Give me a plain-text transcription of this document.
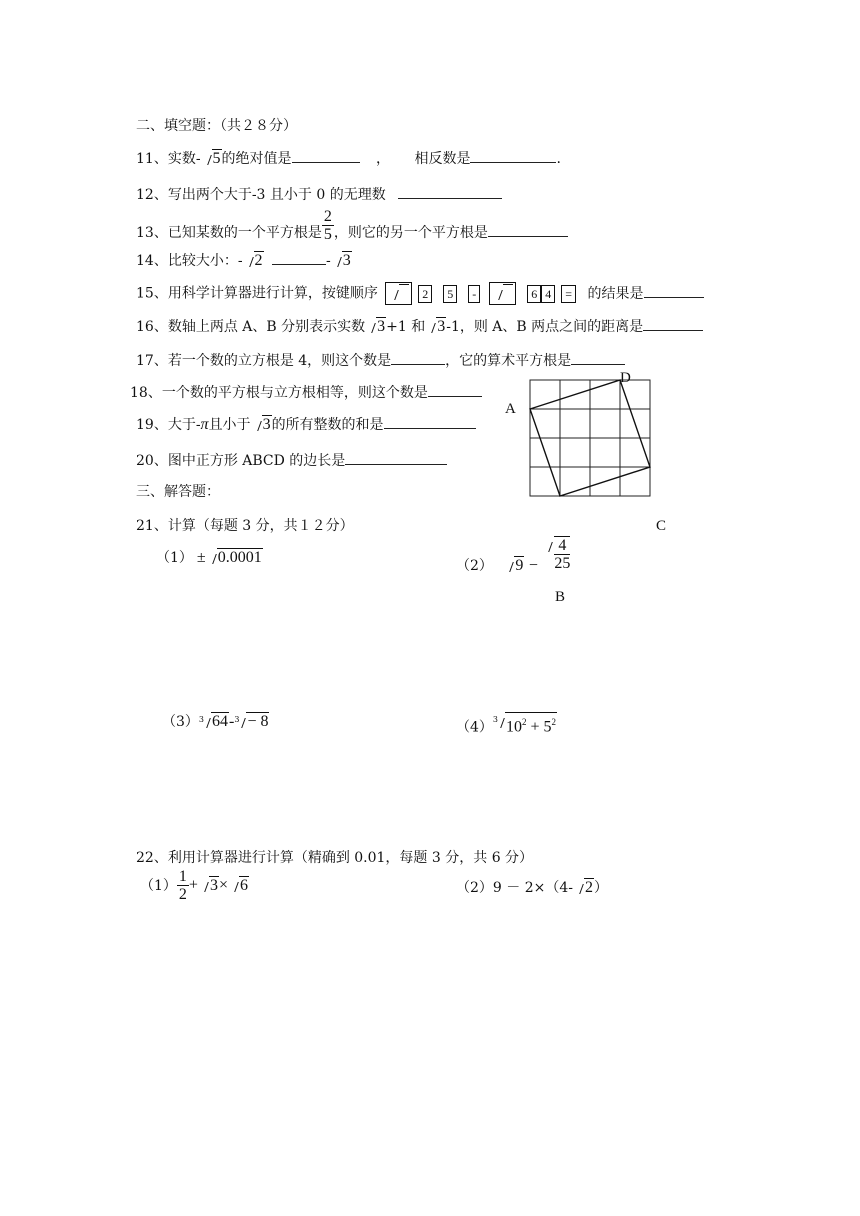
二、填空题：（共２８分）
11、实数- 5的绝对值是	， 相反数是	.
12、写出两个大于-3 且小于 0 的无理数
13、已知某数的一个平方根是
$\frac{2}{5}$
，则它的另一个平方根是
14、比较大小：- 2	- 3
15、用科学计算器进行计算，按键顺序	2 5 -	6 4 = 的结果是
16、数轴上两点 A、B 分别表示实数 3+1 和 3-1，则 A、B 两点之间的距离是
17、若一个数的立方根是 4，则这个数是	，它的算术平方根是
18、一个数的平方根与立方根相等，则这个数是
19、大于-π且小于 3的所有整数的和是
20、图中正方形 ABCD 的边长是
三、解答题：
A
D
C
B
21、计算（每题 3 分，共１２分）
（1） ± 0.0001
（2） $9 - \frac{4}{25}$
$(3)^3$ 64-$^3$ − 8	$(4)^3$ $10^2 + 5^2$
22、利用计算器进行计算（精确到 0.01，每题 3 分，共 6 分）
$(1) \frac{1}{2} + 3\times 6$	（2）9 － 2×（4- 2）
